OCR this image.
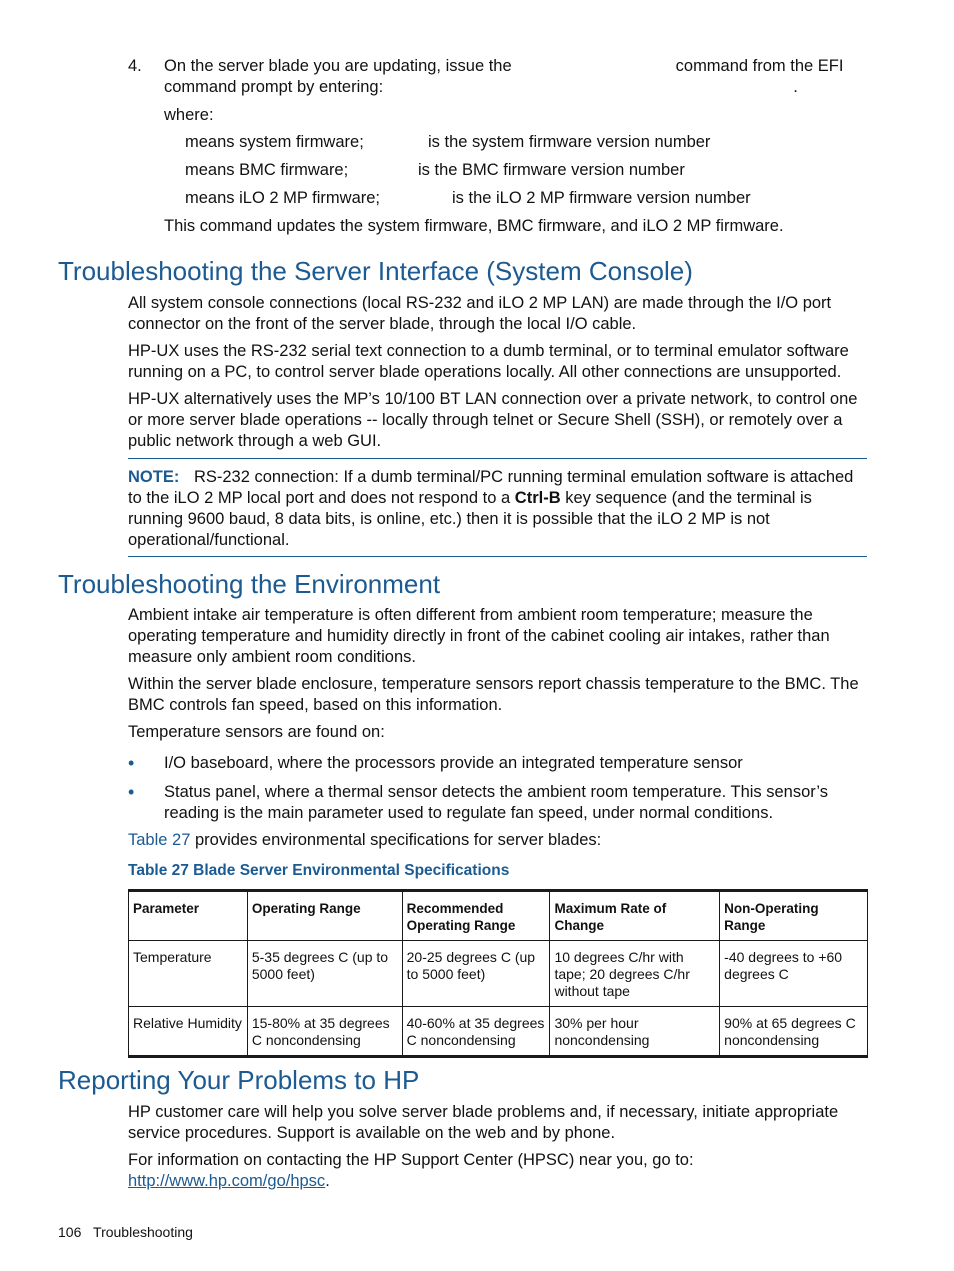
4. On the server blade you are updating, issue the	command from the EFI
command prompt by entering:	.

where:
means system firmware;	is the system firmware version number
means BMC firmware;	is the BMC firmware version number
means iLO 2 MP firmware;	is the iLO 2 MP firmware version number

This command updates the system firmware, BMC firmware, and iLO 2 MP firmware.

Troubleshooting the Server Interface (System Console)

All system console connections (local RS-232 and iLO 2 MP LAN) are made through the I/O port connector on the front of the server blade, through the local I/O cable.

HP-UX uses the RS-232 serial text connection to a dumb terminal, or to terminal emulator software running on a PC, to control server blade operations locally. All other connections are unsupported.

HP-UX alternatively uses the MP’s 10/100 BT LAN connection over a private network, to control one or more server blade operations -- locally through telnet or Secure Shell (SSH), or remotely over a public network through a web GUI.

NOTE: RS-232 connection: If a dumb terminal/PC running terminal emulation software is attached to the iLO 2 MP local port and does not respond to a Ctrl-B key sequence (and the terminal is running 9600 baud, 8 data bits, is online, etc.) then it is possible that the iLO 2 MP is not operational/functional.

Troubleshooting the Environment

Ambient intake air temperature is often different from ambient room temperature; measure the operating temperature and humidity directly in front of the cabinet cooling air intakes, rather than measure only ambient room conditions.

Within the server blade enclosure, temperature sensors report chassis temperature to the BMC. The BMC controls fan speed, based on this information.

Temperature sensors are found on:

• I/O baseboard, where the processors provide an integrated temperature sensor

• Status panel, where a thermal sensor detects the ambient room temperature. This sensor’s reading is the main parameter used to regulate fan speed, under normal conditions.

Table 27 provides environmental specifications for server blades:

Table 27 Blade Server Environmental Specifications
Parameter	Operating Range	Recommended Operating Range	Maximum Rate of Change	Non-Operating Range
Temperature	5-35 degrees C (up to 5000 feet)	20-25 degrees C (up to 5000 feet)	10 degrees C/hr with tape; 20 degrees C/hr without tape	-40 degrees to +60 degrees C
Relative Humidity	15-80% at 35 degrees C noncondensing	40-60% at 35 degrees C noncondensing	30% per hour noncondensing	90% at 65 degrees C noncondensing
Reporting Your Problems to HP

HP customer care will help you solve server blade problems and, if necessary, initiate appropriate service procedures. Support is available on the web and by phone.

For information on contacting the HP Support Center (HPSC) near you, go to: http://www.hp.com/go/hpsc.

106 Troubleshooting
